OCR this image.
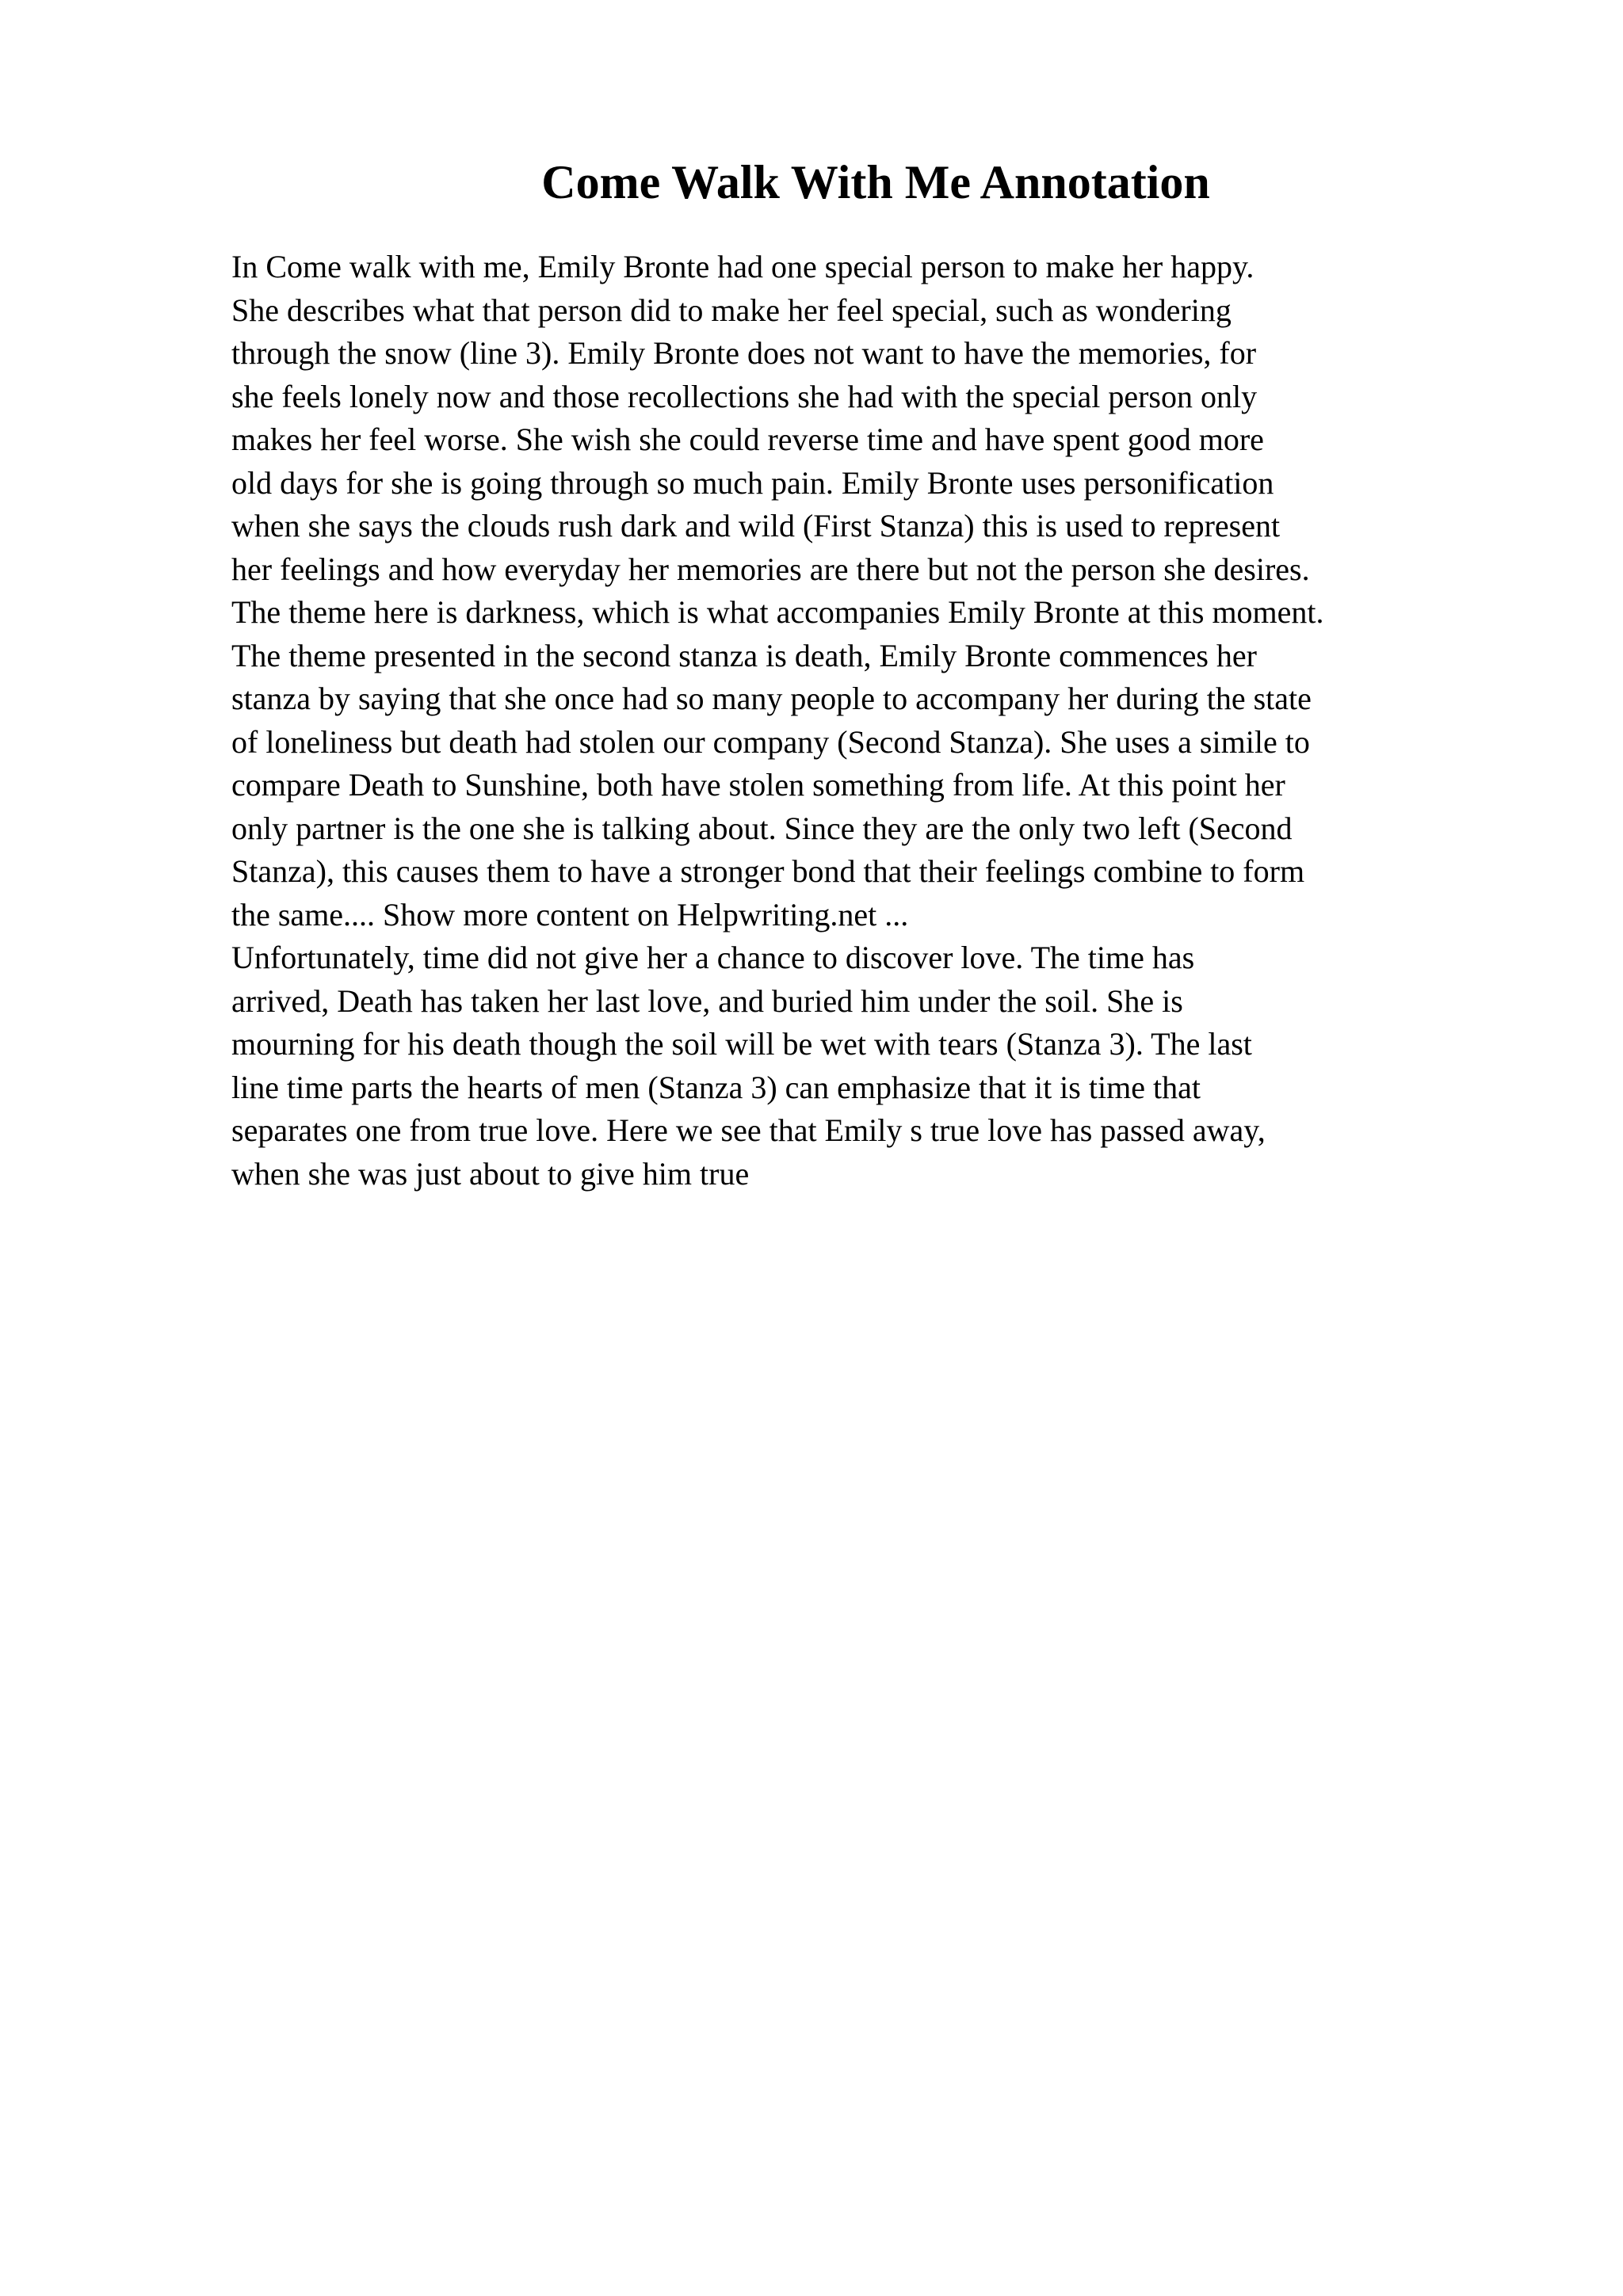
Come Walk With Me Annotation
In Come walk with me, Emily Bronte had one special person to make her happy.
She describes what that person did to make her feel special, such as wondering
through the snow (line 3). Emily Bronte does not want to have the memories, for
she feels lonely now and those recollections she had with the special person only
makes her feel worse. She wish she could reverse time and have spent good more
old days for she is going through so much pain. Emily Bronte uses personification
when she says the clouds rush dark and wild (First Stanza) this is used to represent
her feelings and how everyday her memories are there but not the person she desires.
The theme here is darkness, which is what accompanies Emily Bronte at this moment.
The theme presented in the second stanza is death, Emily Bronte commences her
stanza by saying that she once had so many people to accompany her during the state
of loneliness but death had stolen our company (Second Stanza). She uses a simile to
compare Death to Sunshine, both have stolen something from life. At this point her
only partner is the one she is talking about. Since they are the only two left (Second
Stanza), this causes them to have a stronger bond that their feelings combine to form
the same.... Show more content on Helpwriting.net ...
Unfortunately, time did not give her a chance to discover love. The time has
arrived, Death has taken her last love, and buried him under the soil. She is
mourning for his death though the soil will be wet with tears (Stanza 3). The last
line time parts the hearts of men (Stanza 3) can emphasize that it is time that
separates one from true love. Here we see that Emily s true love has passed away,
when she was just about to give him true
